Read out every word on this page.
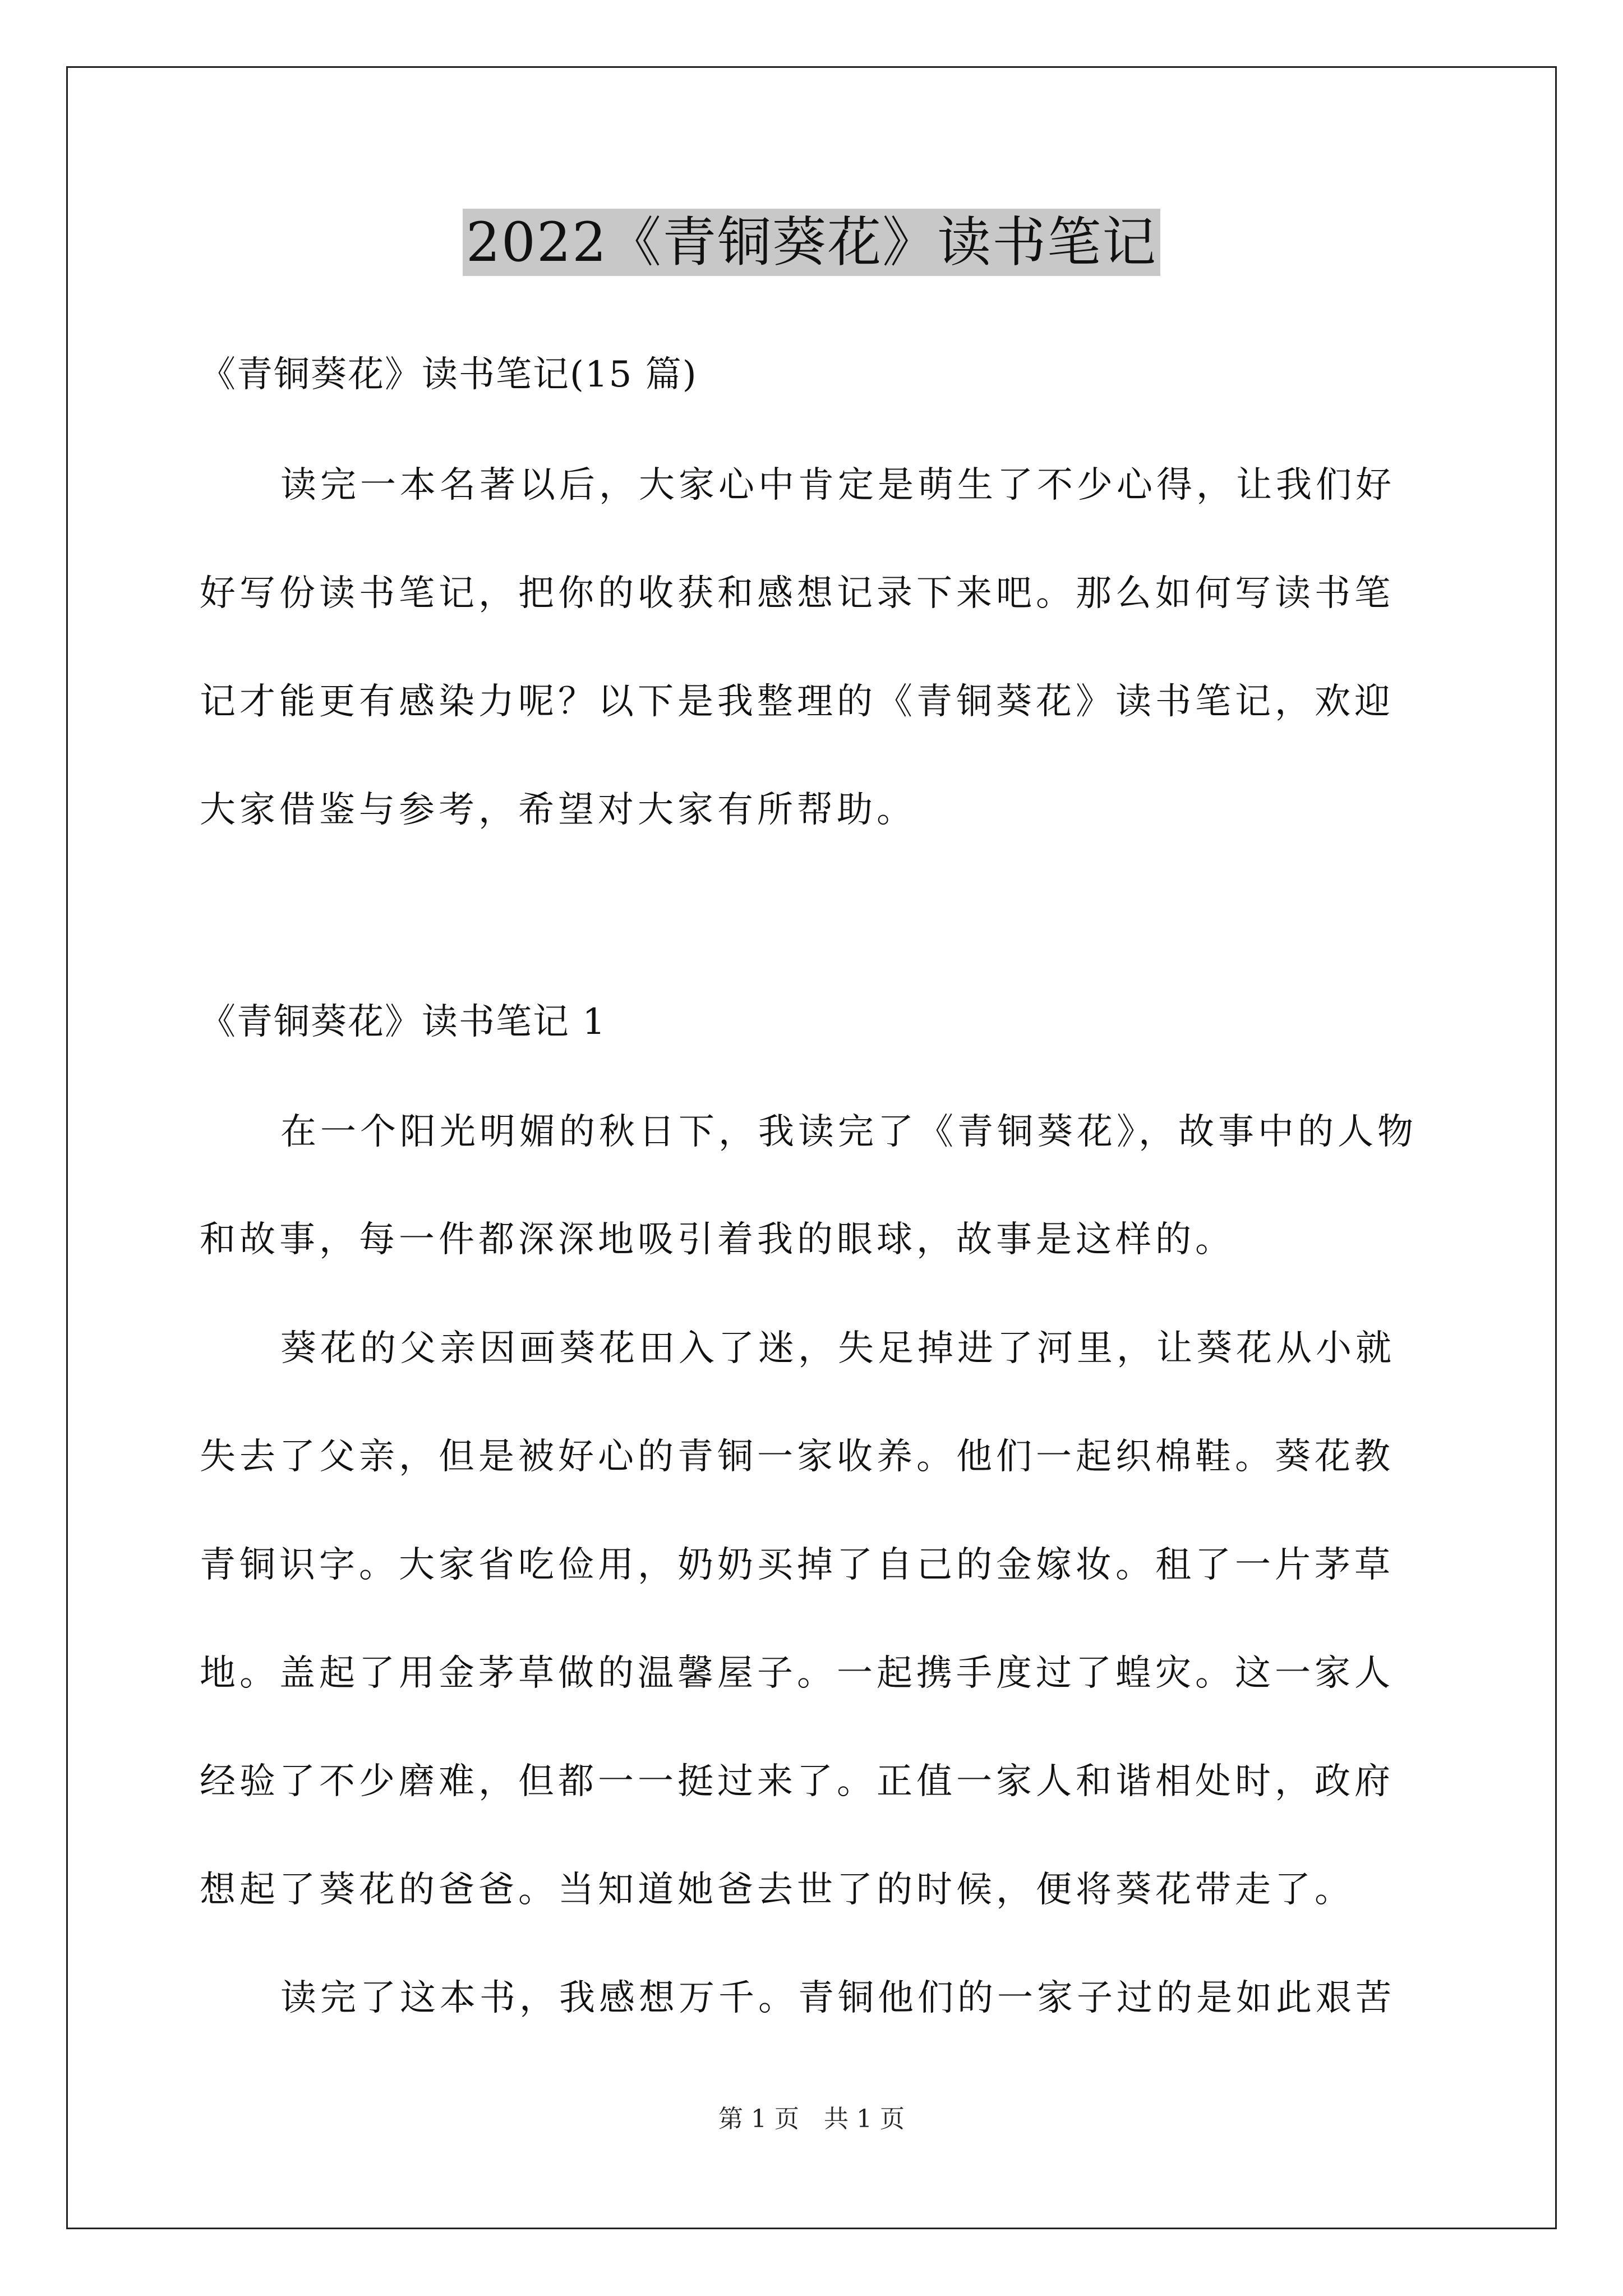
2022《青铜葵花》读书笔记
《青铜葵花》读书笔记(15 篇)
读完一本名著以后，大家心中肯定是萌生了不少心得，让我们好
好写份读书笔记，把你的收获和感想记录下来吧。那么如何写读书笔
记才能更有感染力呢？以下是我整理的《青铜葵花》读书笔记，欢迎
大家借鉴与参考，希望对大家有所帮助。
《青铜葵花》读书笔记 1
在一个阳光明媚的秋日下，我读完了《青铜葵花》，故事中的人物
和故事，每一件都深深地吸引着我的眼球，故事是这样的。
葵花的父亲因画葵花田入了迷，失足掉进了河里，让葵花从小就
失去了父亲，但是被好心的青铜一家收养。他们一起织棉鞋。葵花教
青铜识字。大家省吃俭用，奶奶买掉了自己的金嫁妆。租了一片茅草
地。盖起了用金茅草做的温馨屋子。一起携手度过了蝗灾。这一家人
经验了不少磨难，但都一一挺过来了。正值一家人和谐相处时，政府
想起了葵花的爸爸。当知道她爸去世了的时候，便将葵花带走了。
读完了这本书，我感想万千。青铜他们的一家子过的是如此艰苦
第 1 页　共 1 页
